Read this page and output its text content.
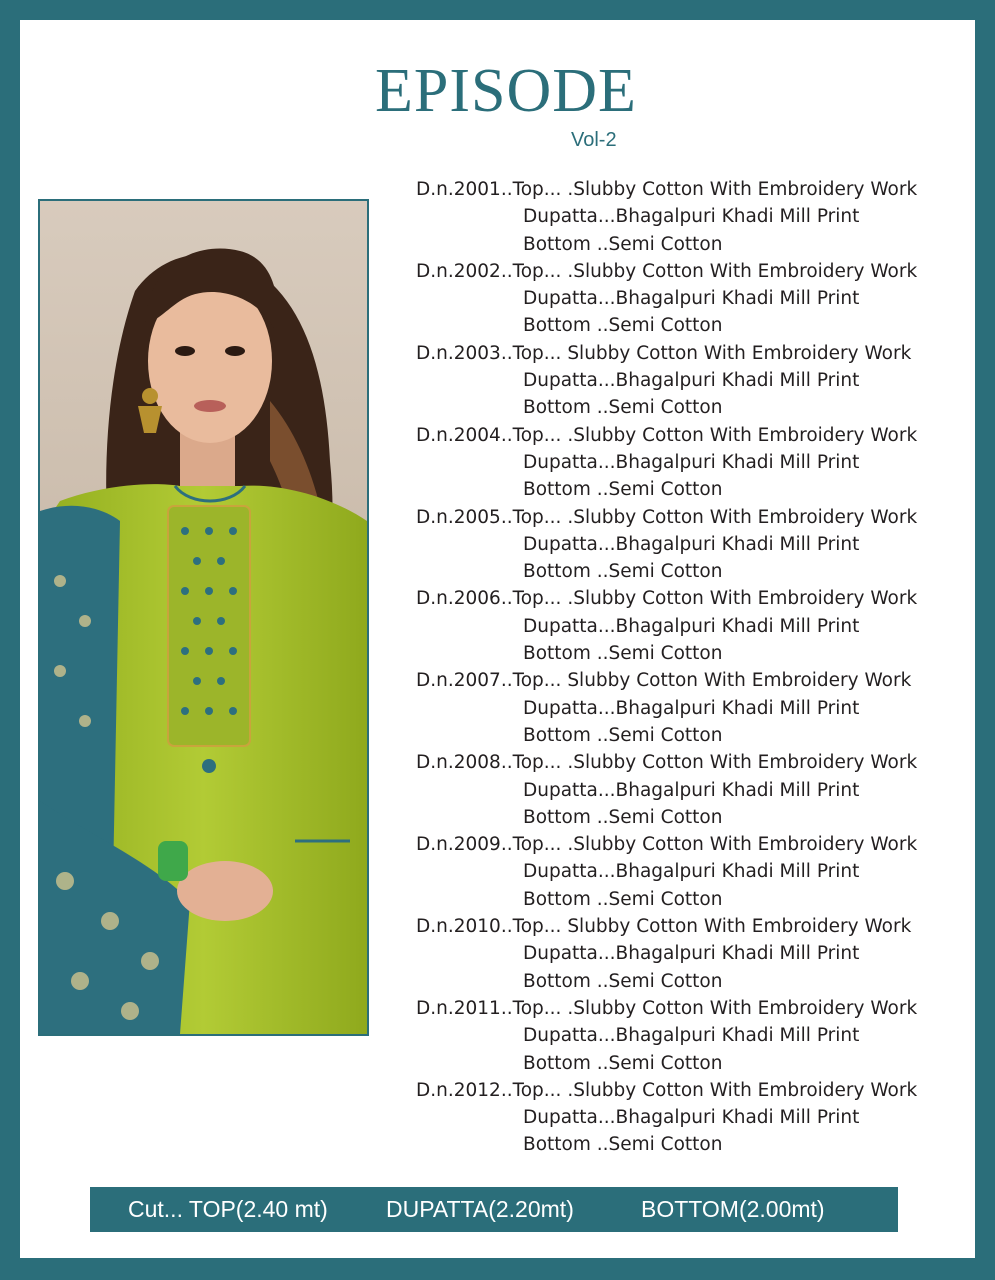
EPISODE
Vol-2
D.n.2001..Top... .Slubby Cotton With Embroidery Work
Dupatta...Bhagalpuri Khadi Mill Print
Bottom ..Semi Cotton
D.n.2002..Top... .Slubby Cotton With Embroidery Work
Dupatta...Bhagalpuri Khadi Mill Print
Bottom ..Semi Cotton
D.n.2003..Top... Slubby Cotton With Embroidery Work
Dupatta...Bhagalpuri Khadi Mill Print
Bottom ..Semi Cotton
D.n.2004..Top... .Slubby Cotton With Embroidery Work
Dupatta...Bhagalpuri Khadi Mill Print
Bottom ..Semi Cotton
D.n.2005..Top... .Slubby Cotton With Embroidery Work
Dupatta...Bhagalpuri Khadi Mill Print
Bottom ..Semi Cotton
D.n.2006..Top... .Slubby Cotton With Embroidery Work
Dupatta...Bhagalpuri Khadi Mill Print
Bottom ..Semi Cotton
D.n.2007..Top... Slubby Cotton With Embroidery Work
Dupatta...Bhagalpuri Khadi Mill Print
Bottom ..Semi Cotton
D.n.2008..Top... .Slubby Cotton With Embroidery Work
Dupatta...Bhagalpuri Khadi Mill Print
Bottom ..Semi Cotton
D.n.2009..Top... .Slubby Cotton With Embroidery Work
Dupatta...Bhagalpuri Khadi Mill Print
Bottom ..Semi Cotton
D.n.2010..Top... Slubby Cotton With Embroidery Work
Dupatta...Bhagalpuri Khadi Mill Print
Bottom ..Semi Cotton
D.n.2011..Top... .Slubby Cotton With Embroidery Work
Dupatta...Bhagalpuri Khadi Mill Print
Bottom ..Semi Cotton
D.n.2012..Top... .Slubby Cotton With Embroidery Work
Dupatta...Bhagalpuri Khadi Mill Print
Bottom ..Semi Cotton
Cut... TOP(2.40 mt)	DUPATTA(2.20mt)	BOTTOM(2.00mt)
